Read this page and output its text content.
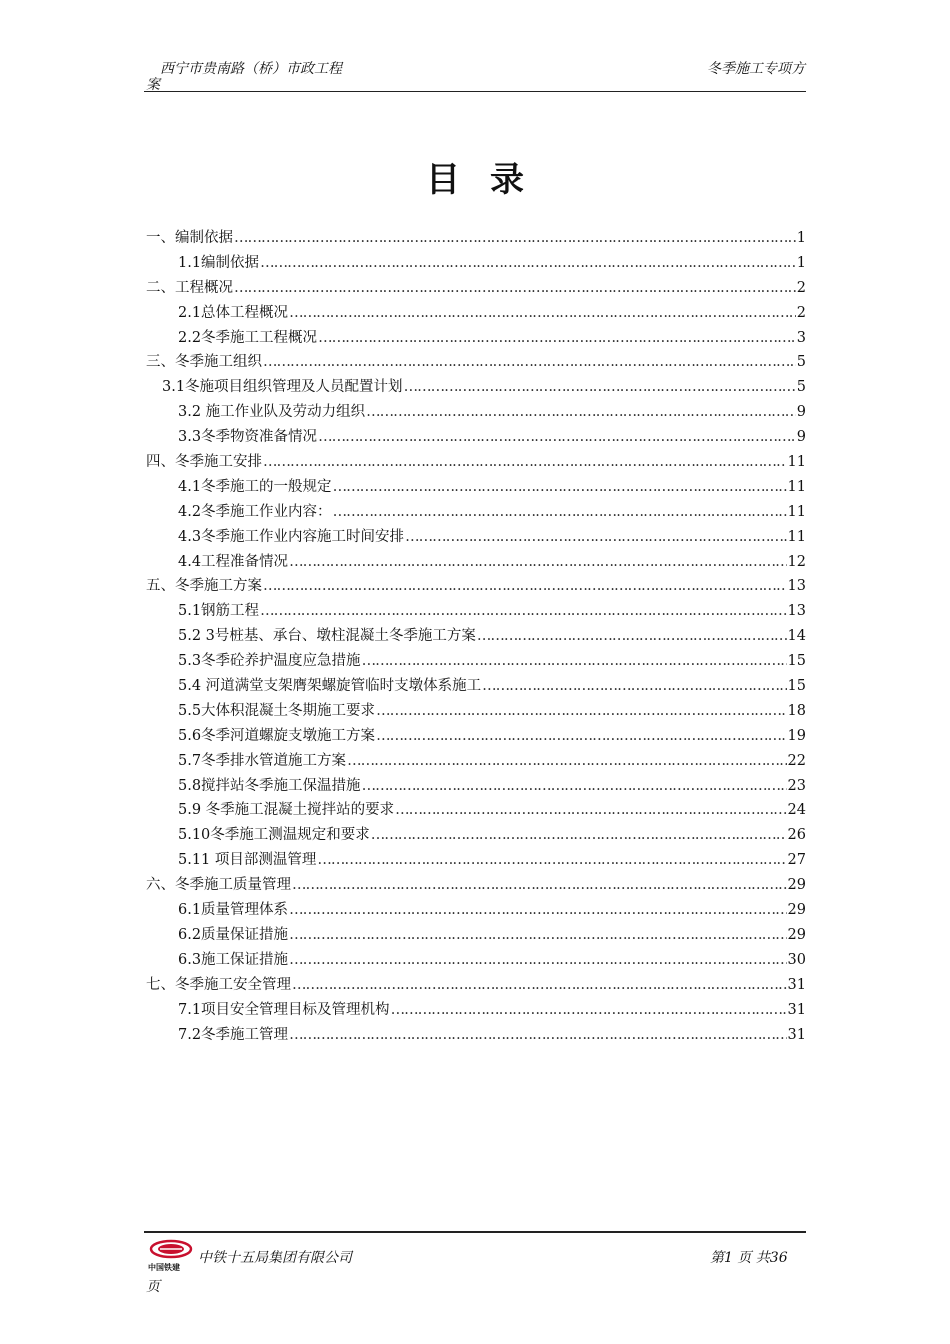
西宁市贵南路（桥）市政工程
案
冬季施工专项方
目录
一、编制依据 ………………………………………………………………………………………………………………………………………………………………………………	1
1.1编制依据 ………………………………………………………………………………………………………………………………………………………………………………	1
二、工程概况 ………………………………………………………………………………………………………………………………………………………………………………	2
2.1总体工程概况 ………………………………………………………………………………………………………………………………………………………………………………	2
2.2冬季施工工程概况 ………………………………………………………………………………………………………………………………………………………………………………	3
三、冬季施工组织 ………………………………………………………………………………………………………………………………………………………………………………	5
3.1冬施项目组织管理及人员配置计划 ………………………………………………………………………………………………………………………………………………………………………………	5
3.2 施工作业队及劳动力组织 ………………………………………………………………………………………………………………………………………………………………………………	9
3.3冬季物资准备情况 ………………………………………………………………………………………………………………………………………………………………………………	9
四、冬季施工安排 ………………………………………………………………………………………………………………………………………………………………………………	11
4.1冬季施工的一般规定 ………………………………………………………………………………………………………………………………………………………………………………	11
4.2冬季施工作业内容： ………………………………………………………………………………………………………………………………………………………………………………	11
4.3冬季施工作业内容施工时间安排 ………………………………………………………………………………………………………………………………………………………………………………	11
4.4工程准备情况 ………………………………………………………………………………………………………………………………………………………………………………	12
五、冬季施工方案 ………………………………………………………………………………………………………………………………………………………………………………	13
5.1钢筋工程 ………………………………………………………………………………………………………………………………………………………………………………	13
5.2 3号桩基、承台、墩柱混凝土冬季施工方案 ………………………………………………………………………………………………………………………………………………………………………………	14
5.3冬季砼养护温度应急措施 ………………………………………………………………………………………………………………………………………………………………………………	15
5.4 河道满堂支架膺架螺旋管临时支墩体系施工 ………………………………………………………………………………………………………………………………………………………………………………	15
5.5大体积混凝土冬期施工要求 ………………………………………………………………………………………………………………………………………………………………………………	18
5.6冬季河道螺旋支墩施工方案 ………………………………………………………………………………………………………………………………………………………………………………	19
5.7冬季排水管道施工方案 ………………………………………………………………………………………………………………………………………………………………………………	22
5.8搅拌站冬季施工保温措施 ………………………………………………………………………………………………………………………………………………………………………………	23
5.9 冬季施工混凝土搅拌站的要求 ………………………………………………………………………………………………………………………………………………………………………………	24
5.10冬季施工测温规定和要求 ………………………………………………………………………………………………………………………………………………………………………………	26
5.11 项目部测温管理 ………………………………………………………………………………………………………………………………………………………………………………	27
六、冬季施工质量管理 ………………………………………………………………………………………………………………………………………………………………………………	29
6.1质量管理体系 ………………………………………………………………………………………………………………………………………………………………………………	29
6.2质量保证措施 ………………………………………………………………………………………………………………………………………………………………………………	29
6.3施工保证措施 ………………………………………………………………………………………………………………………………………………………………………………	30
七、冬季施工安全管理 ………………………………………………………………………………………………………………………………………………………………………………	31
7.1项目安全管理目标及管理机构 ………………………………………………………………………………………………………………………………………………………………………………	31
7.2冬季施工管理 ………………………………………………………………………………………………………………………………………………………………………………	31
中国铁建
中铁十五局集团有限公司	第1 页 共36
页
